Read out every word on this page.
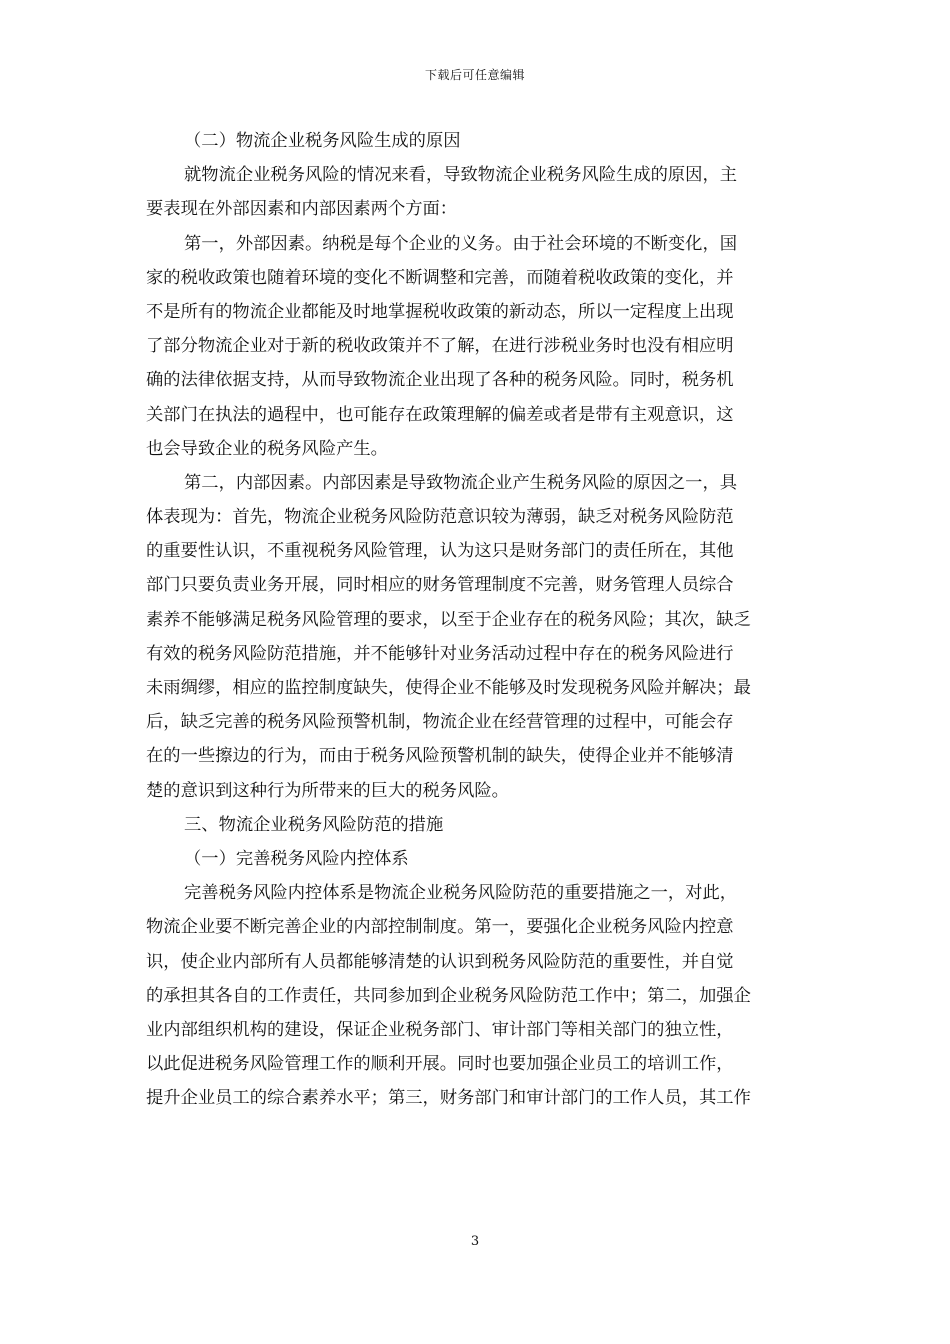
下载后可任意编辑
（二）物流企业税务风险生成的原因
就物流企业税务风险的情况来看，导致物流企业税务风险生成的原因，主
要表现在外部因素和内部因素两个方面：
第一，外部因素。纳税是每个企业的义务。由于社会环境的不断变化，国
家的税收政策也随着环境的变化不断调整和完善，而随着税收政策的变化，并
不是所有的物流企业都能及时地掌握税收政策的新动态，所以一定程度上出现
了部分物流企业对于新的税收政策并不了解，在进行涉税业务时也没有相应明
确的法律依据支持，从而导致物流企业出现了各种的税务风险。同时，税务机
关部门在执法的過程中，也可能存在政策理解的偏差或者是带有主观意识，这
也会导致企业的税务风险产生。
第二，内部因素。内部因素是导致物流企业产生税务风险的原因之一，具
体表现为：首先，物流企业税务风险防范意识较为薄弱，缺乏对税务风险防范
的重要性认识，不重视税务风险管理，认为这只是财务部门的责任所在，其他
部门只要负责业务开展，同时相应的财务管理制度不完善，财务管理人员综合
素养不能够满足税务风险管理的要求，以至于企业存在的税务风险；其次，缺乏
有效的税务风险防范措施，并不能够针对业务活动过程中存在的税务风险进行
未雨绸缪，相应的监控制度缺失，使得企业不能够及时发现税务风险并解决；最
后，缺乏完善的税务风险预警机制，物流企业在经营管理的过程中，可能会存
在的一些擦边的行为，而由于税务风险预警机制的缺失，使得企业并不能够清
楚的意识到这种行为所带来的巨大的税务风险。
三、物流企业税务风险防范的措施
（一）完善税务风险内控体系
完善税务风险内控体系是物流企业税务风险防范的重要措施之一，对此，
物流企业要不断完善企业的内部控制制度。第一，要强化企业税务风险内控意
识，使企业内部所有人员都能够清楚的认识到税务风险防范的重要性，并自觉
的承担其各自的工作责任，共同参加到企业税务风险防范工作中；第二，加强企
业内部组织机构的建设，保证企业税务部门、审计部门等相关部门的独立性，
以此促进税务风险管理工作的顺利开展。同时也要加强企业员工的培训工作，
提升企业员工的综合素养水平；第三，财务部门和审计部门的工作人员，其工作
3
